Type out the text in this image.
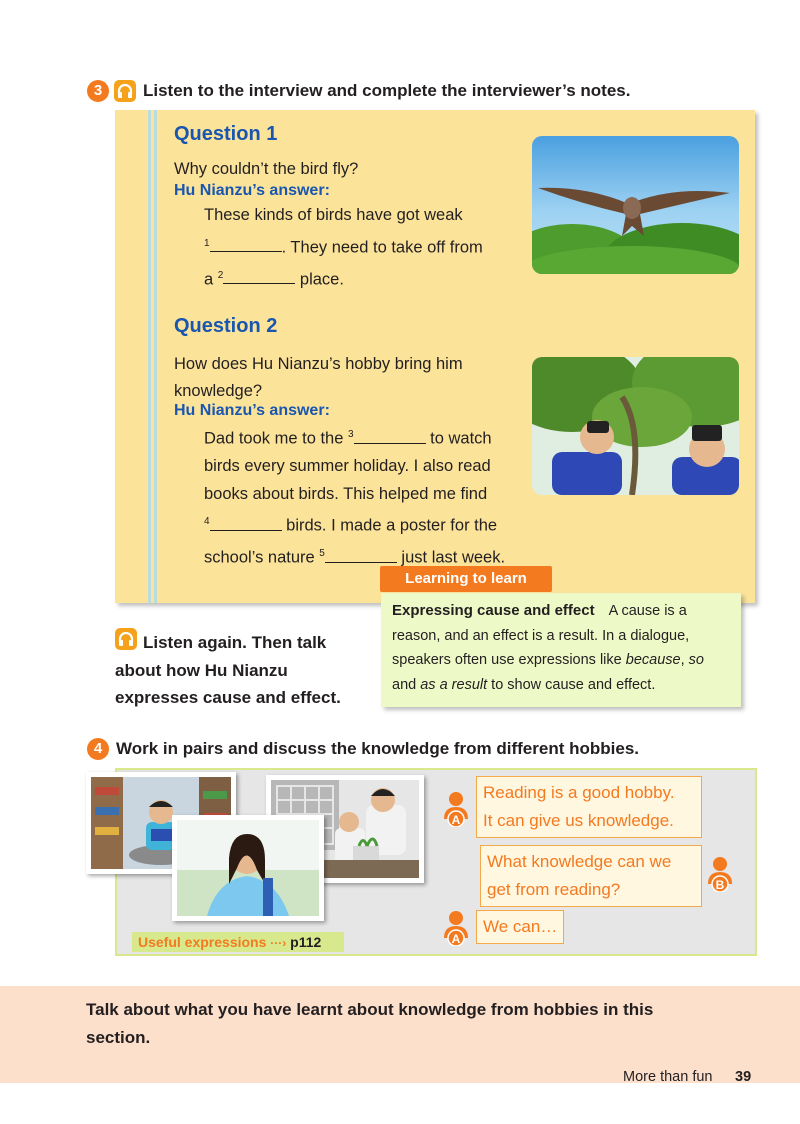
3	Listen to the interview and complete the interviewer’s notes.
Question 1
Why couldn’t the bird fly?
Hu Nianzu’s answer:
These kinds of birds have got weak
$^1$	. They need to take off from
a $^2$	place.
Question 2
How does Hu Nianzu’s hobby bring him
knowledge?
Hu Nianzu’s answer:
Dad took me to the $^3$	to watch
birds every summer holiday. I also read
books about birds. This helped me find
$^4$	birds. I made a poster for the
school’s nature $^5$	just last week.
Learning to learn
Expressing cause and effect A cause is a
reason, and an effect is a result. In a dialogue,
speakers often use expressions like because, so
and as a result to show cause and effect.
Listen again. Then talk
about how Hu Nianzu
expresses cause and effect.
4 Work in pairs and discuss the knowledge from different hobbies.
A
Reading is a good hobby.
It can give us knowledge.
What knowledge can we
get from reading?	B
A
We can…
Useful expressions ···› p112
Talk about what you have learnt about knowledge from hobbies in this
section.
More than fun 39
